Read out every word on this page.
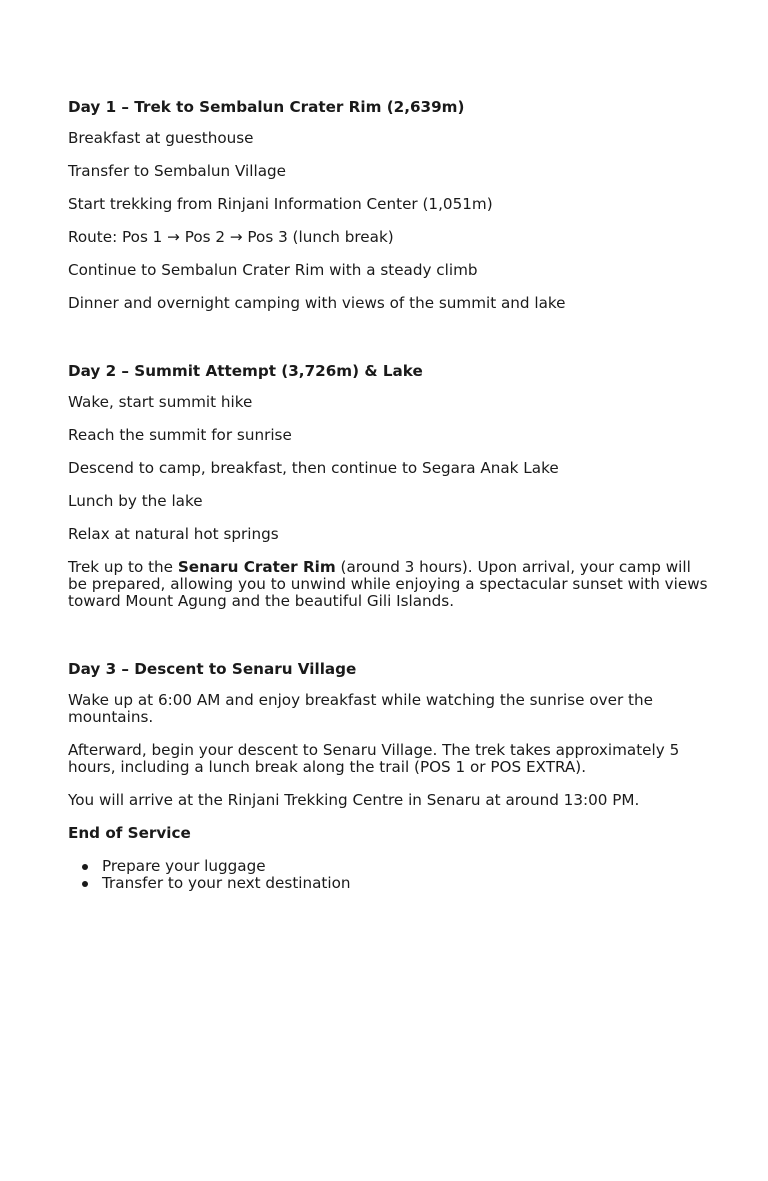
Day 1 – Trek to Sembalun Crater Rim (2,639m)
Breakfast at guesthouse
Transfer to Sembalun Village
Start trekking from Rinjani Information Center (1,051m)
Route: Pos 1 → Pos 2 → Pos 3 (lunch break)
Continue to Sembalun Crater Rim with a steady climb
Dinner and overnight camping with views of the summit and lake
Day 2 – Summit Attempt (3,726m) & Lake
Wake, start summit hike
Reach the summit for sunrise
Descend to camp, breakfast, then continue to Segara Anak Lake
Lunch by the lake
Relax at natural hot springs

Trek up to the Senaru Crater Rim (around 3 hours). Upon arrival, your camp will be prepared, allowing you to unwind while enjoying a spectacular sunset with views toward Mount Agung and the beautiful Gili Islands.

Day 3 – Descent to Senaru Village

Wake up at 6:00 AM and enjoy breakfast while watching the sunrise over the mountains.

Afterward, begin your descent to Senaru Village. The trek takes approximately 5 hours, including a lunch break along the trail (POS 1 or POS EXTRA).

You will arrive at the Rinjani Trekking Centre in Senaru at around 13:00 PM.

End of Service
Prepare your luggage
Transfer to your next destination
